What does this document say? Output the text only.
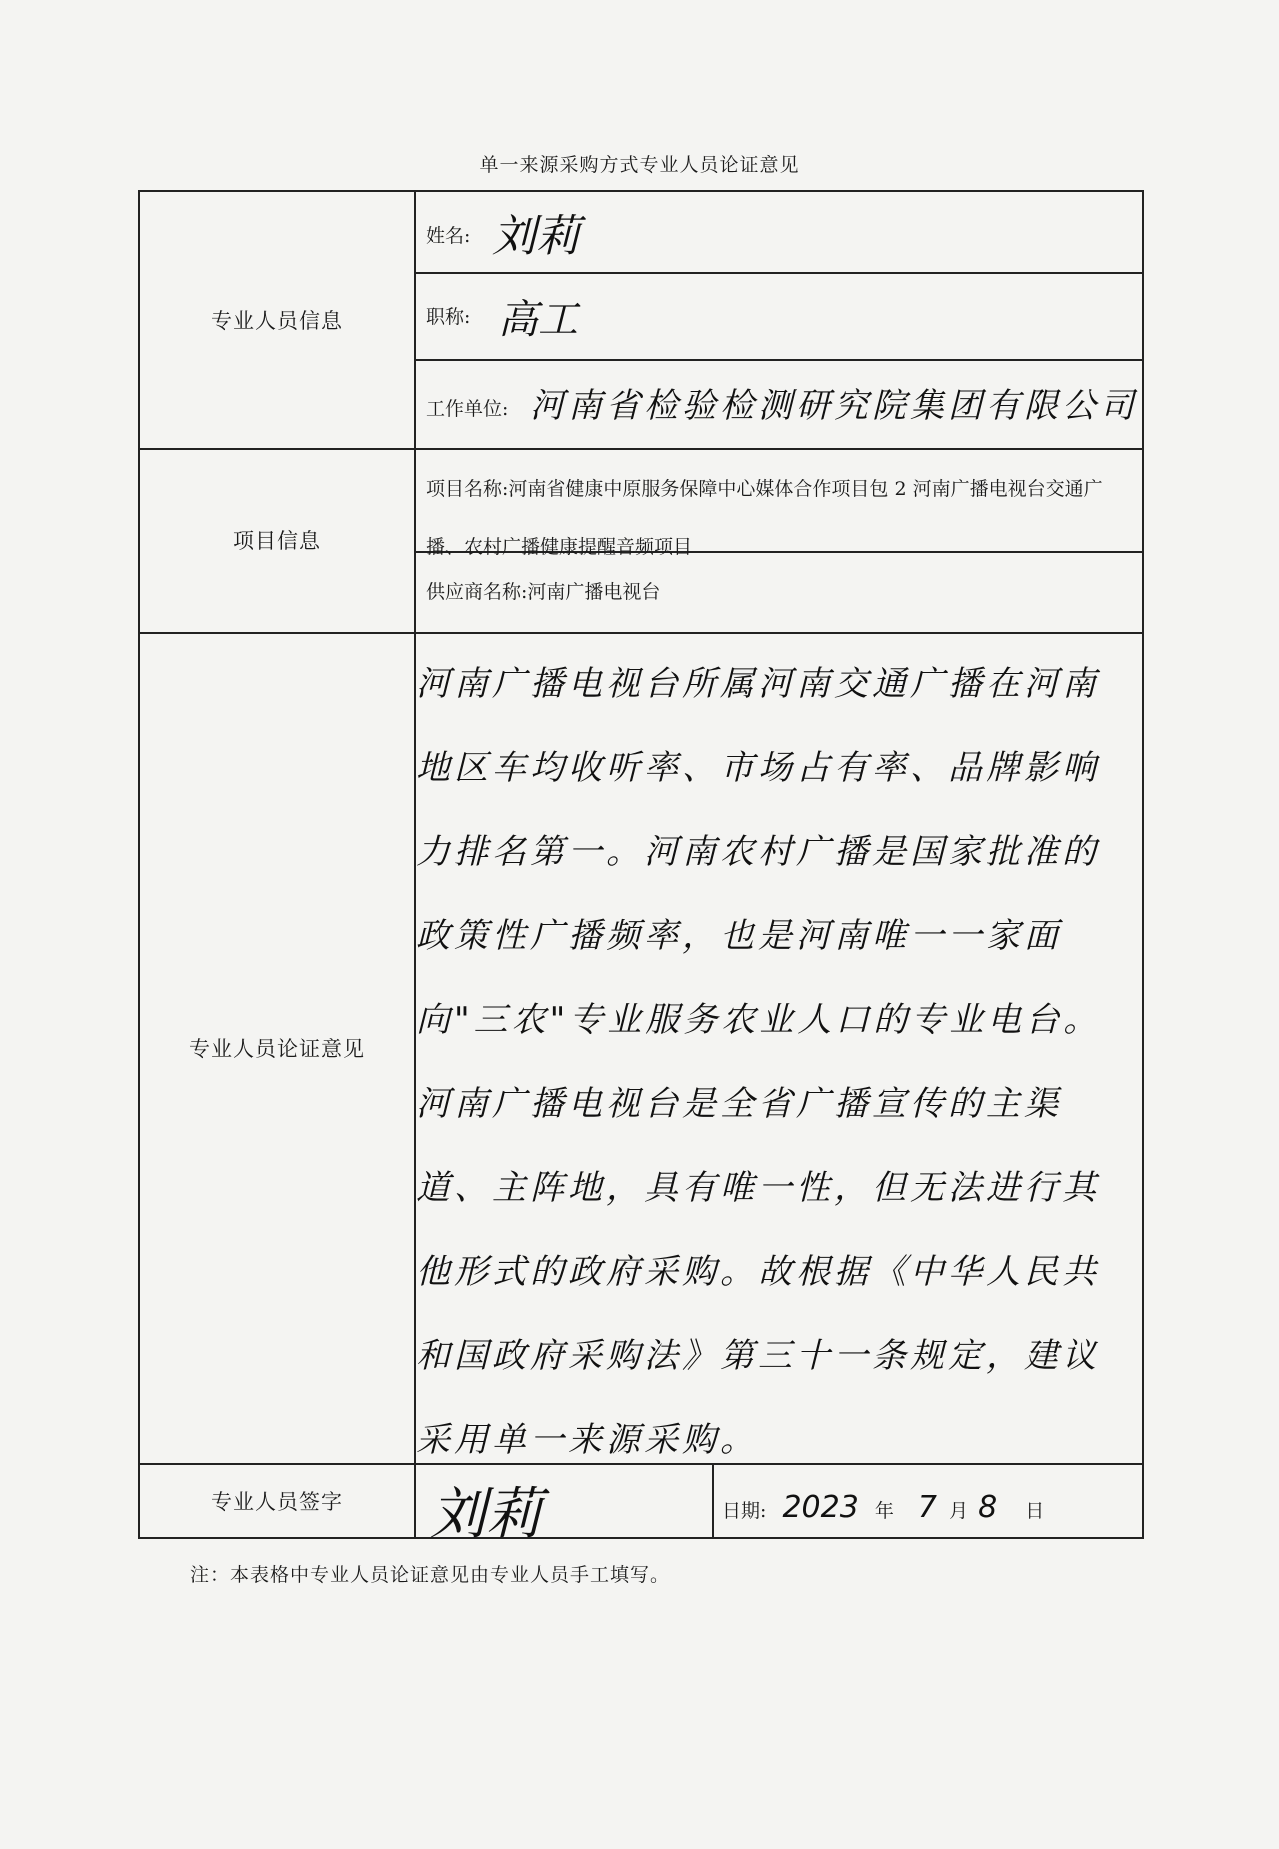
单一来源采购方式专业人员论证意见
专业人员信息
项目信息
专业人员论证意见
专业人员签字
姓名: 刘莉
职称: 高工
工作单位: 河南省检验检测研究院集团有限公司
项目名称:河南省健康中原服务保障中心媒体合作项目包 2 河南广播电视台交通广播、农村广播健康提醒音频项目
供应商名称:河南广播电视台
河南广播电视台所属河南交通广播在河南地区车均收听率、市场占有率、品牌影响力排名第一。河南农村广播是国家批准的政策性广播频率，也是河南唯一一家面向"三农"专业服务农业人口的专业电台。河南广播电视台是全省广播宣传的主渠道、主阵地，具有唯一性，但无法进行其他形式的政府采购。故根据《中华人民共和国政府采购法》第三十一条规定，建议采用单一来源采购。
刘莉	日期: 2023 年 7 月 8 日
注：本表格中专业人员论证意见由专业人员手工填写。
